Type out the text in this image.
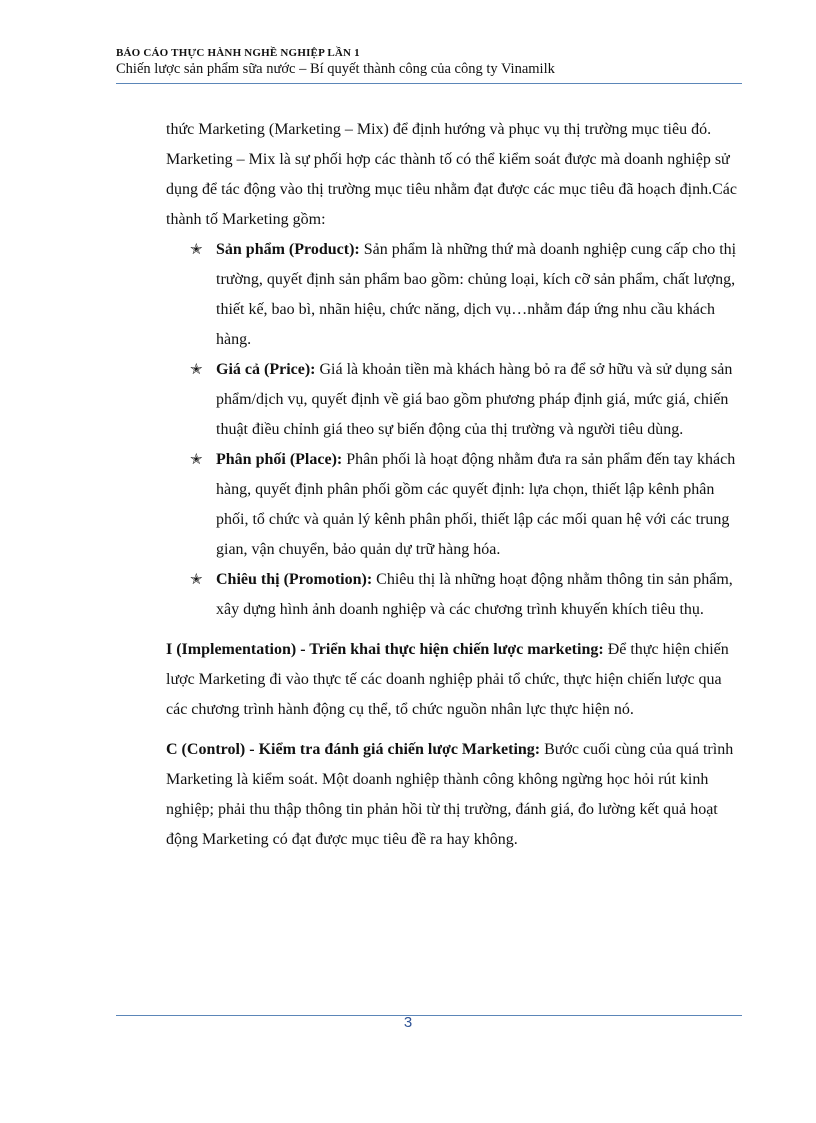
BÁO CÁO THỰC HÀNH NGHỀ NGHIỆP LẦN 1
Chiến lược sản phẩm sữa nước – Bí quyết thành công của công ty Vinamilk

thức Marketing (Marketing – Mix) để định hướng và phục vụ thị trường mục tiêu đó.

Marketing – Mix là sự phối hợp các thành tố có thể kiểm soát được mà doanh nghiệp sử dụng để tác động vào thị trường mục tiêu nhằm đạt được các mục tiêu đã hoạch định.Các thành tố Marketing gồm:

✭ Sản phẩm (Product): Sản phẩm là những thứ mà doanh nghiệp cung cấp cho thị trường, quyết định sản phẩm bao gồm: chủng loại, kích cỡ sản phẩm, chất lượng, thiết kế, bao bì, nhãn hiệu, chức năng, dịch vụ…nhằm đáp ứng nhu cầu khách hàng.
✭ Giá cả (Price): Giá là khoản tiền mà khách hàng bỏ ra để sở hữu và sử dụng sản phẩm/dịch vụ, quyết định về giá bao gồm phương pháp định giá, mức giá, chiến thuật điều chỉnh giá theo sự biến động của thị trường và người tiêu dùng.
✭ Phân phối (Place): Phân phối là hoạt động nhằm đưa ra sản phẩm đến tay khách hàng, quyết định phân phối gồm các quyết định: lựa chọn, thiết lập kênh phân phối, tổ chức và quản lý kênh phân phối, thiết lập các mối quan hệ với các trung gian, vận chuyển, bảo quản dự trữ hàng hóa.
✭ Chiêu thị (Promotion): Chiêu thị là những hoạt động nhằm thông tin sản phẩm, xây dựng hình ảnh doanh nghiệp và các chương trình khuyến khích tiêu thụ.

I (Implementation) - Triển khai thực hiện chiến lược marketing: Để thực hiện chiến lược Marketing đi vào thực tế các doanh nghiệp phải tổ chức, thực hiện chiến lược qua các chương trình hành động cụ thể, tổ chức nguồn nhân lực thực hiện nó.

C (Control) - Kiểm tra đánh giá chiến lược Marketing: Bước cuối cùng của quá trình Marketing là kiểm soát. Một doanh nghiệp thành công không ngừng học hỏi rút kinh nghiệp; phải thu thập thông tin phản hồi từ thị trường, đánh giá, đo lường kết quả hoạt động Marketing có đạt được mục tiêu đề ra hay không.

3
